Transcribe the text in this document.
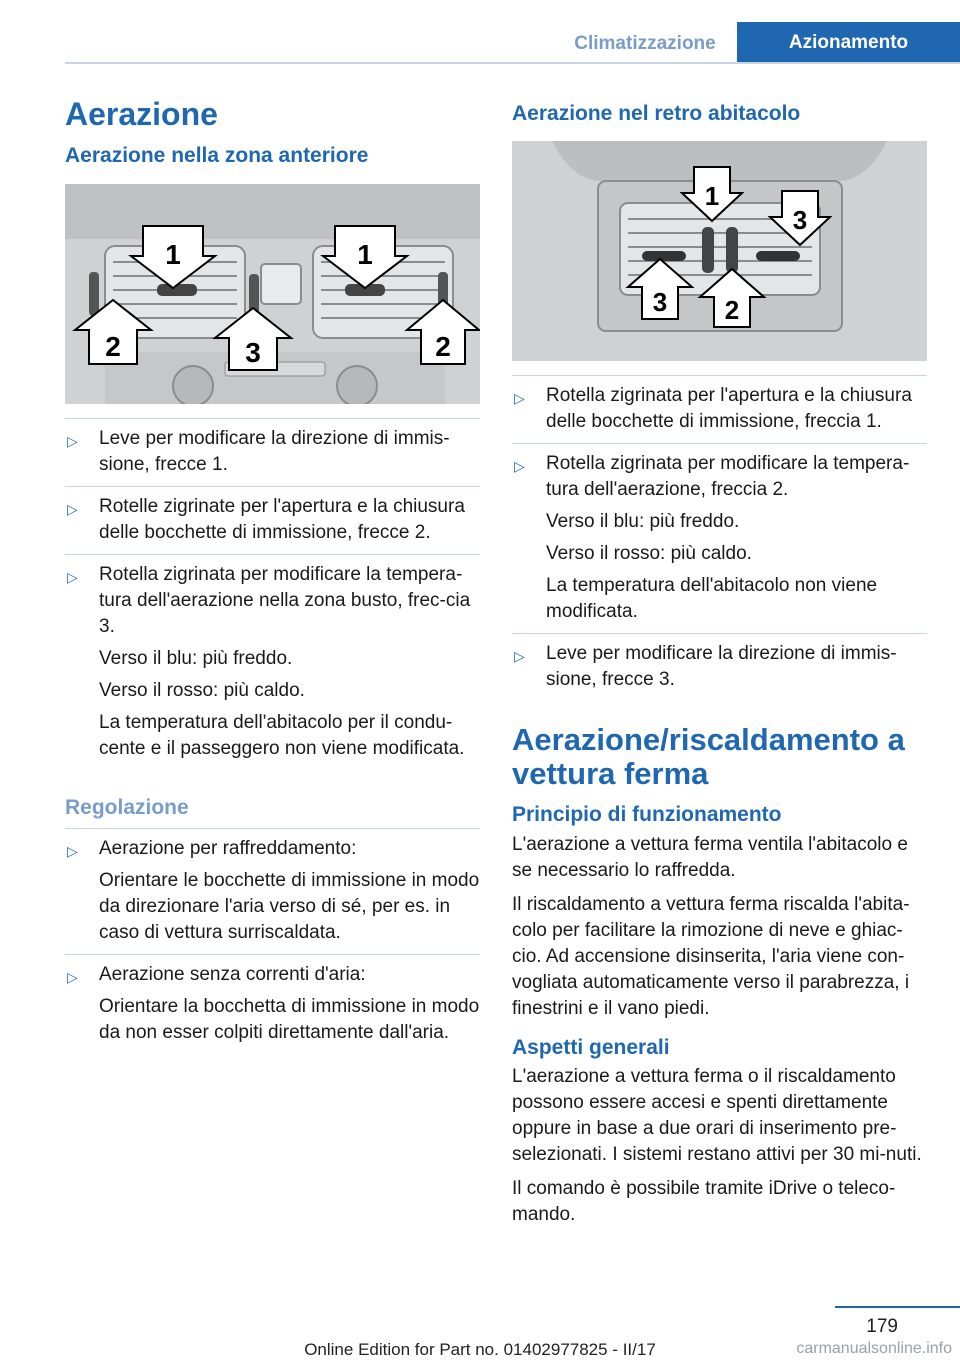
Climatizzazione	Azionamento
Aerazione
Aerazione nella zona anteriore
1	1
2	3	2
▷ Leve per modificare la direzione di immis‐sione, frecce 1.

▷ Rotelle zigrinate per l'apertura e la chiusura delle bocchette di immissione, frecce 2.

▷ Rotella zigrinata per modificare la tempera‐tura dell'aerazione nella zona busto, frec‐cia 3.

Verso il blu: più freddo.

Verso il rosso: più caldo.

La temperatura dell'abitacolo per il condu‐cente e il passeggero non viene modificata.

Regolazione
▷ Aerazione per raffreddamento:

Orientare le bocchette di immissione in modo da direzionare l'aria verso di sé, per es. in caso di vettura surriscaldata.

▷ Aerazione senza correnti d'aria:

Orientare la bocchetta di immissione in modo da non esser colpiti direttamente dall'aria.

Aerazione nel retro abitacolo
1
3
3 2
▷ Rotella zigrinata per l'apertura e la chiusura delle bocchette di immissione, freccia 1.

▷ Rotella zigrinata per modificare la tempera‐tura dell'aerazione, freccia 2.

Verso il blu: più freddo.

Verso il rosso: più caldo.

La temperatura dell'abitacolo non viene modificata.

▷ Leve per modificare la direzione di immis‐sione, frecce 3.

Aerazione/riscaldamento a vettura ferma
Principio di funzionamento

L'aerazione a vettura ferma ventila l'abitacolo e se necessario lo raffredda.

Il riscaldamento a vettura ferma riscalda l'abita‐colo per facilitare la rimozione di neve e ghiac‐cio. Ad accensione disinserita, l'aria viene con‐vogliata automaticamente verso il parabrezza, i finestrini e il vano piedi.

Aspetti generali

L'aerazione a vettura ferma o il riscaldamento possono essere accesi e spenti direttamente oppure in base a due orari di inserimento pre‐selezionati. I sistemi restano attivi per 30 mi‐nuti.

Il comando è possibile tramite iDrive o teleco‐mando.

179
Online Edition for Part no. 01402977825 - II/17	carmanualsonline.info
